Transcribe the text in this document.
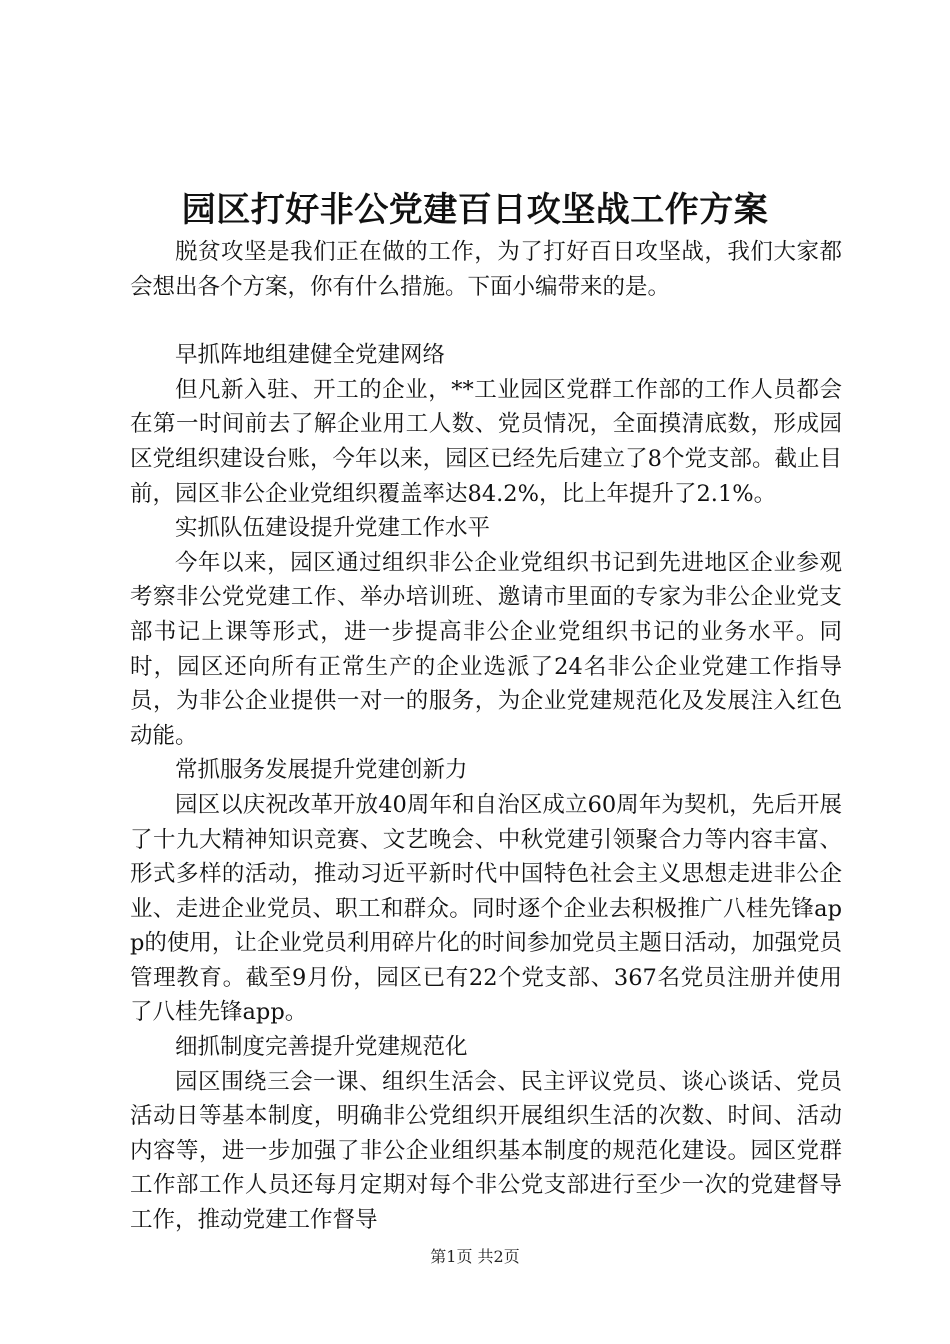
园区打好非公党建百日攻坚战工作方案

脱贫攻坚是我们正在做的工作，为了打好百日攻坚战，我们大家都会想出各个方案，你有什么措施。下面小编带来的是。

早抓阵地组建健全党建网络

但凡新入驻、开工的企业，**工业园区党群工作部的工作人员都会在第一时间前去了解企业用工人数、党员情况，全面摸清底数，形成园区党组织建设台账，今年以来，园区已经先后建立了8个党支部。截止目前，园区非公企业党组织覆盖率达84.2%，比上年提升了2.1%。

实抓队伍建设提升党建工作水平

今年以来，园区通过组织非公企业党组织书记到先进地区企业参观考察非公党党建工作、举办培训班、邀请市里面的专家为非公企业党支部书记上课等形式，进一步提高非公企业党组织书记的业务水平。同时，园区还向所有正常生产的企业选派了24名非公企业党建工作指导员，为非公企业提供一对一的服务，为企业党建规范化及发展注入红色动能。

常抓服务发展提升党建创新力

园区以庆祝改革开放40周年和自治区成立60周年为契机，先后开展了十九大精神知识竞赛、文艺晚会、中秋党建引领聚合力等内容丰富、形式多样的活动，推动习近平新时代中国特色社会主义思想走进非公企业、走进企业党员、职工和群众。同时逐个企业去积极推广八桂先锋app的使用，让企业党员利用碎片化的时间参加党员主题日活动，加强党员管理教育。截至9月份，园区已有22个党支部、367名党员注册并使用了八桂先锋app。

细抓制度完善提升党建规范化

园区围绕三会一课、组织生活会、民主评议党员、谈心谈话、党员活动日等基本制度，明确非公党组织开展组织生活的次数、时间、活动内容等，进一步加强了非公企业组织基本制度的规范化建设。园区党群工作部工作人员还每月定期对每个非公党支部进行至少一次的党建督导工作，推动党建工作督导

第1页 共2页
